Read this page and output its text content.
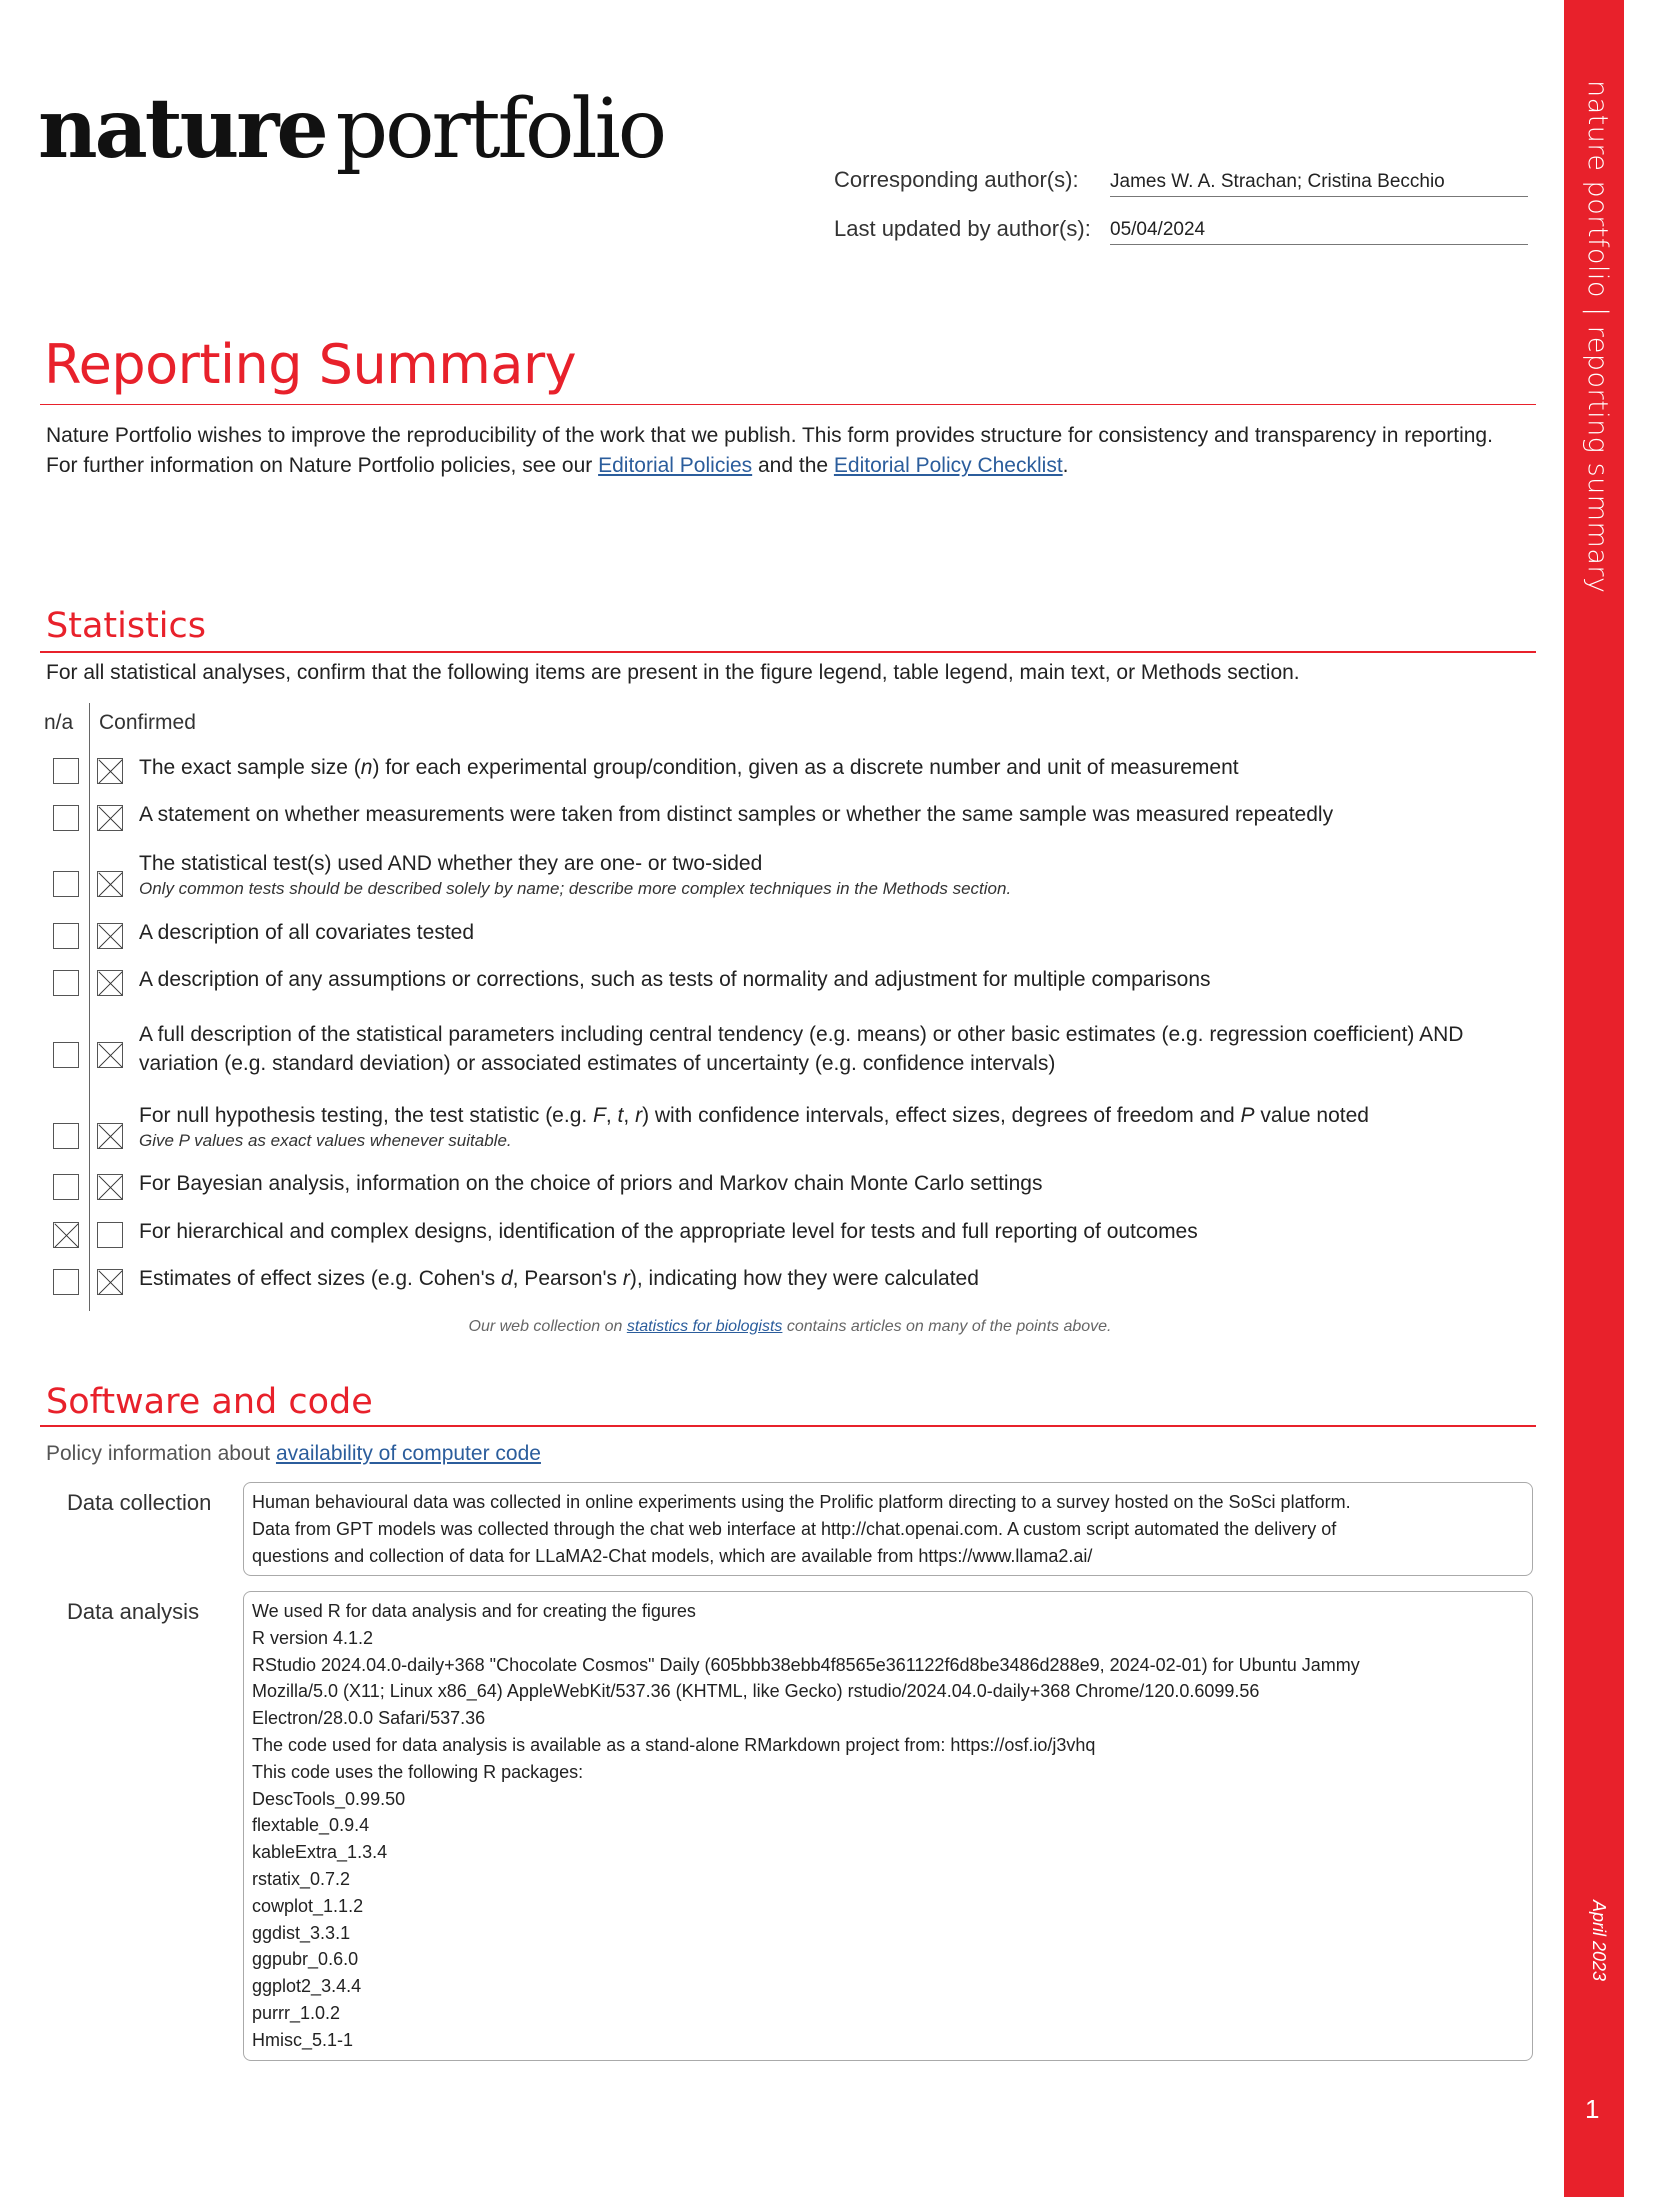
nature portfolio | reporting summary
April 2023
1
nature portfolio
Corresponding author(s): James W. A. Strachan; Cristina Becchio
Last updated by author(s): 05/04/2024
Reporting Summary
Nature Portfolio wishes to improve the reproducibility of the work that we publish. This form provides structure for consistency and transparency in reporting. For further information on Nature Portfolio policies, see our Editorial Policies and the Editorial Policy Checklist.
Statistics
For all statistical analyses, confirm that the following items are present in the figure legend, table legend, main text, or Methods section.
n/a Confirmed
The exact sample size (n) for each experimental group/condition, given as a discrete number and unit of measurement
A statement on whether measurements were taken from distinct samples or whether the same sample was measured repeatedly
The statistical test(s) used AND whether they are one- or two-sided
Only common tests should be described solely by name; describe more complex techniques in the Methods section.
A description of all covariates tested
A description of any assumptions or corrections, such as tests of normality and adjustment for multiple comparisons
A full description of the statistical parameters including central tendency (e.g. means) or other basic estimates (e.g. regression coefficient) AND variation (e.g. standard deviation) or associated estimates of uncertainty (e.g. confidence intervals)
For null hypothesis testing, the test statistic (e.g. F, t, r) with confidence intervals, effect sizes, degrees of freedom and P value noted
Give P values as exact values whenever suitable.
For Bayesian analysis, information on the choice of priors and Markov chain Monte Carlo settings
For hierarchical and complex designs, identification of the appropriate level for tests and full reporting of outcomes
Estimates of effect sizes (e.g. Cohen's d, Pearson's r), indicating how they were calculated
Our web collection on statistics for biologists contains articles on many of the points above.
Software and code
Policy information about availability of computer code
Data collection Human behavioural data was collected in online experiments using the Prolific platform directing to a survey hosted on the SoSci platform.
Data from GPT models was collected through the chat web interface at http://chat.openai.com. A custom script automated the delivery of
questions and collection of data for LLaMA2-Chat models, which are available from https://www.llama2.ai/
Data analysis	We used R for data analysis and for creating the figures
R version 4.1.2
RStudio 2024.04.0-daily+368 "Chocolate Cosmos" Daily (605bbb38ebb4f8565e361122f6d8be3486d288e9, 2024-02-01) for Ubuntu Jammy
Mozilla/5.0 (X11; Linux x86_64) AppleWebKit/537.36 (KHTML, like Gecko) rstudio/2024.04.0-daily+368 Chrome/120.0.6099.56
Electron/28.0.0 Safari/537.36
The code used for data analysis is available as a stand-alone RMarkdown project from: https://osf.io/j3vhq
This code uses the following R packages:
DescTools_0.99.50
flextable_0.9.4
kableExtra_1.3.4
rstatix_0.7.2
cowplot_1.1.2
ggdist_3.3.1
ggpubr_0.6.0
ggplot2_3.4.4
purrr_1.0.2
Hmisc_5.1-1
